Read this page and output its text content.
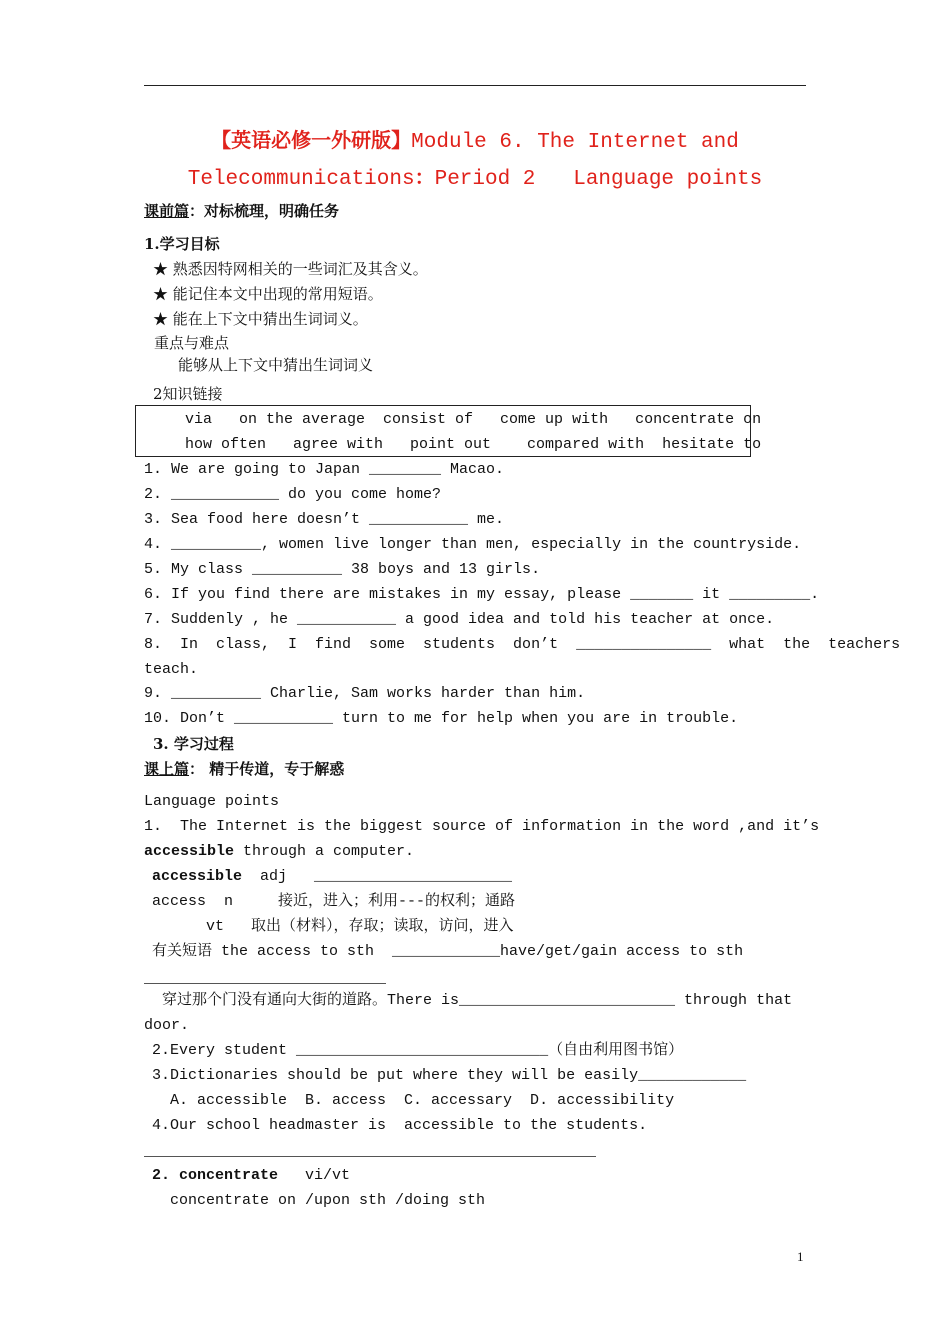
【英语必修一外研版】Module 6. The Internet and
Telecommunications：Period 2   Language points
课前篇：对标梳理，明确任务
1.学习目标
★ 熟悉因特网相关的一些词汇及其含义。
★ 能记住本文中出现的常用短语。
★ 能在上下文中猜出生词词义。
重点与难点
能够从上下文中猜出生词词义
2知识链接
via   on the average  consist of   come up with   concentrate on
how often   agree with   point out    compared with  hesitate to
1. We are going to Japan ________ Macao.
2. ____________ do you come home?
3. Sea food here doesn’t ___________ me.
4. __________, women live longer than men, especially in the countryside.
5. My class __________ 38 boys and 13 girls.
6. If you find there are mistakes in my essay, please _______ it _________.
7. Suddenly , he ___________ a good idea and told his teacher at once.
8.  In  class,  I  find  some  students  don’t  _______________  what  the  teachers
teach.
9. __________ Charlie, Sam works harder than him.
10. Don’t ___________ turn to me for help when you are in trouble.
3. 学习过程
课上篇： 精于传道，专于解惑
Language points
1.  The Internet is the biggest source of information in the word ,and it’s
accessible through a computer.
accessible  adj   ______________________
access  n     接近，进入；利用---的权利；通路
vt   取出（材料），存取；读取，访问，进入
有关短语 the access to sth  ____________have/get/gain access to sth
穿过那个门没有通向大街的道路。There is________________________ through that
door.
2.Every student ____________________________（自由利用图书馆）
3.Dictionaries should be put where they will be easily____________
A. accessible  B. access  C. accessary  D. accessibility
4.Our school headmaster is  accessible to the students.
2. concentrate   vi/vt
concentrate on /upon sth /doing sth
1
